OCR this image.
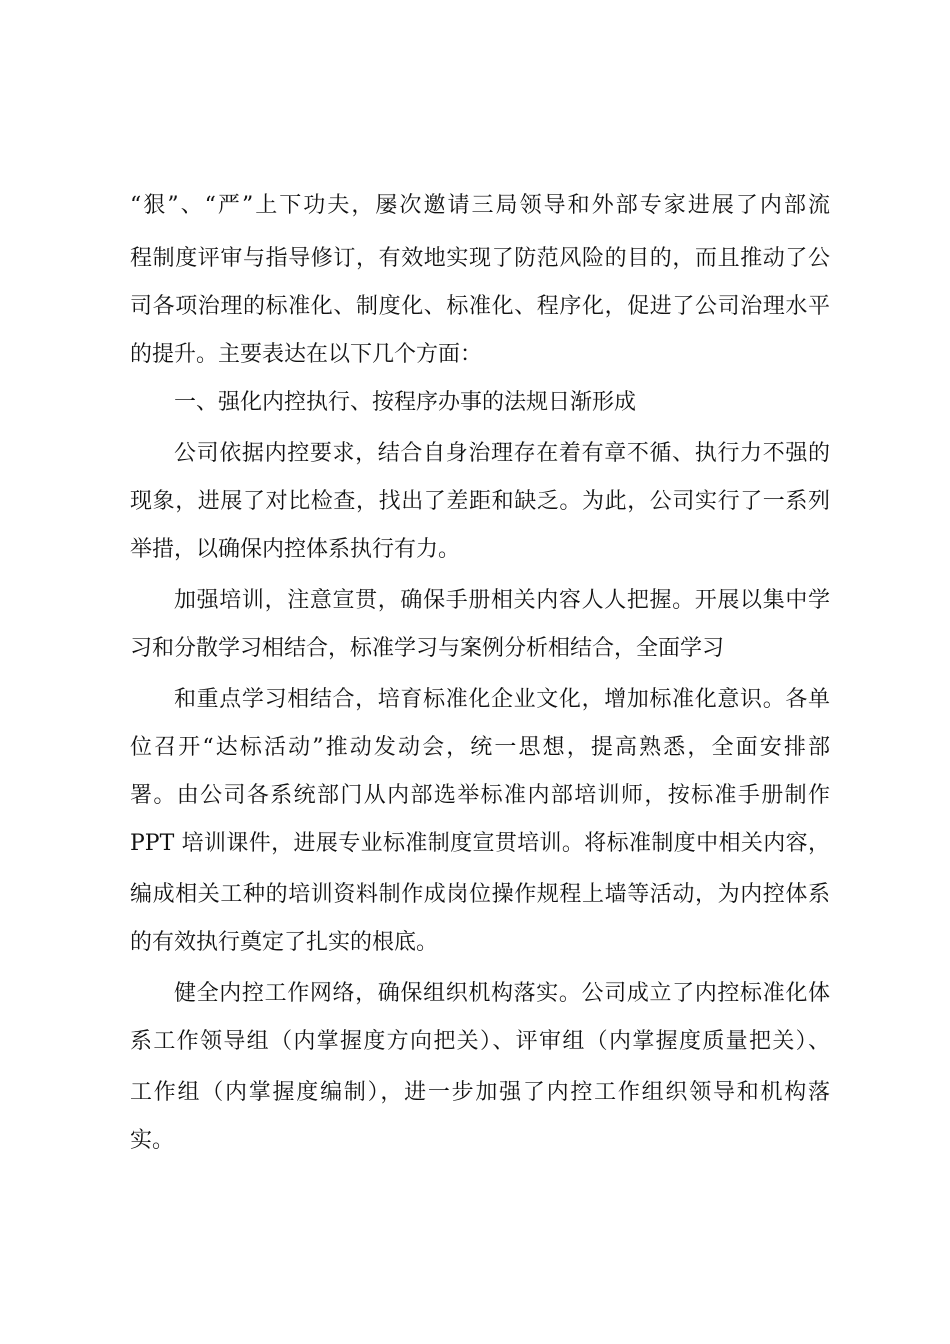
“狠”、“严”上下功夫，屡次邀请三局领导和外部专家进展了内部流
程制度评审与指导修订，有效地实现了防范风险的目的，而且推动了公
司各项治理的标准化、制度化、标准化、程序化，促进了公司治理水平
的提升。主要表达在以下几个方面：
一、强化内控执行、按程序办事的法规日渐形成
公司依据内控要求，结合自身治理存在着有章不循、执行力不强的
现象，进展了对比检查，找出了差距和缺乏。为此，公司实行了一系列
举措，以确保内控体系执行有力。
加强培训，注意宣贯，确保手册相关内容人人把握。开展以集中学
习和分散学习相结合，标准学习与案例分析相结合，全面学习
和重点学习相结合，培育标准化企业文化，增加标准化意识。各单
位召开“达标活动”推动发动会，统一思想，提高熟悉，全面安排部
署。由公司各系统部门从内部选举标准内部培训师，按标准手册制作
PPT 培训课件，进展专业标准制度宣贯培训。将标准制度中相关内容，
编成相关工种的培训资料制作成岗位操作规程上墙等活动，为内控体系
的有效执行奠定了扎实的根底。
健全内控工作网络，确保组织机构落实。公司成立了内控标准化体
系工作领导组（内掌握度方向把关）、评审组（内掌握度质量把关）、
工作组（内掌握度编制），进一步加强了内控工作组织领导和机构落
实。
